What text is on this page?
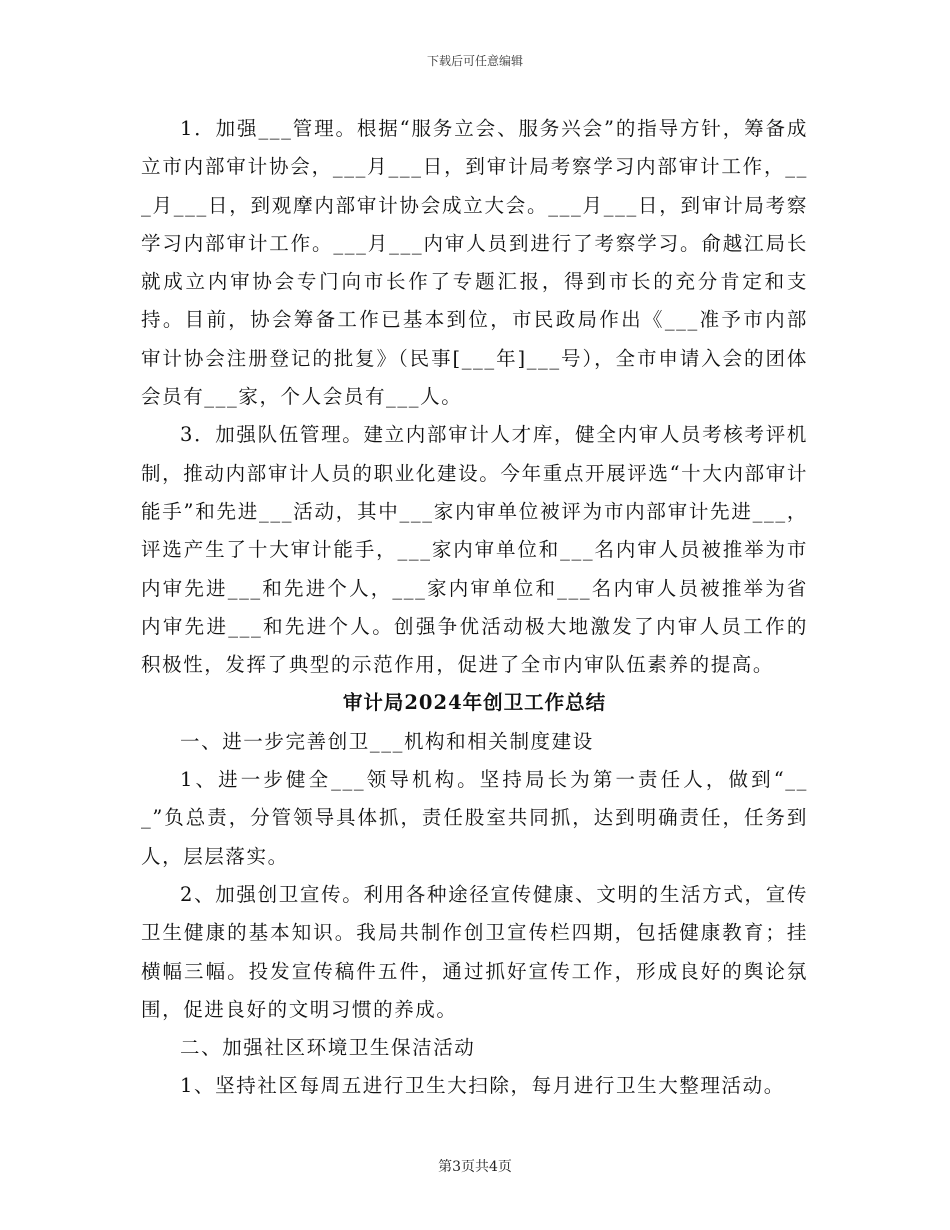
下载后可任意编辑

1．加强___管理。根据“服务立会、服务兴会”的指导方针，筹备成立市内部审计协会，___月___日，到审计局考察学习内部审计工作，___月___日，到观摩内部审计协会成立大会。___月___日，到审计局考察学习内部审计工作。___月___内审人员到进行了考察学习。俞越江局长就成立内审协会专门向市长作了专题汇报，得到市长的充分肯定和支持。目前，协会筹备工作已基本到位，市民政局作出《___准予市内部审计协会注册登记的批复》（民事[___年]___号），全市申请入会的团体会员有___家，个人会员有___人。

3．加强队伍管理。建立内部审计人才库，健全内审人员考核考评机制，推动内部审计人员的职业化建设。今年重点开展评选“十大内部审计能手”和先进___活动，其中___家内审单位被评为市内部审计先进___，评选产生了十大审计能手，___家内审单位和___名内审人员被推举为市内审先进___和先进个人，___家内审单位和___名内审人员被推举为省内审先进___和先进个人。创强争优活动极大地激发了内审人员工作的积极性，发挥了典型的示范作用，促进了全市内审队伍素养的提高。

审计局2024年创卫工作总结

一、进一步完善创卫___机构和相关制度建设

1、进一步健全___领导机构。坚持局长为第一责任人，做到“___”负总责，分管领导具体抓，责任股室共同抓，达到明确责任，任务到人，层层落实。

2、加强创卫宣传。利用各种途径宣传健康、文明的生活方式，宣传卫生健康的基本知识。我局共制作创卫宣传栏四期，包括健康教育；挂横幅三幅。投发宣传稿件五件，通过抓好宣传工作，形成良好的舆论氛围，促进良好的文明习惯的养成。

二、加强社区环境卫生保洁活动

1、坚持社区每周五进行卫生大扫除，每月进行卫生大整理活动。

第3页共4页
